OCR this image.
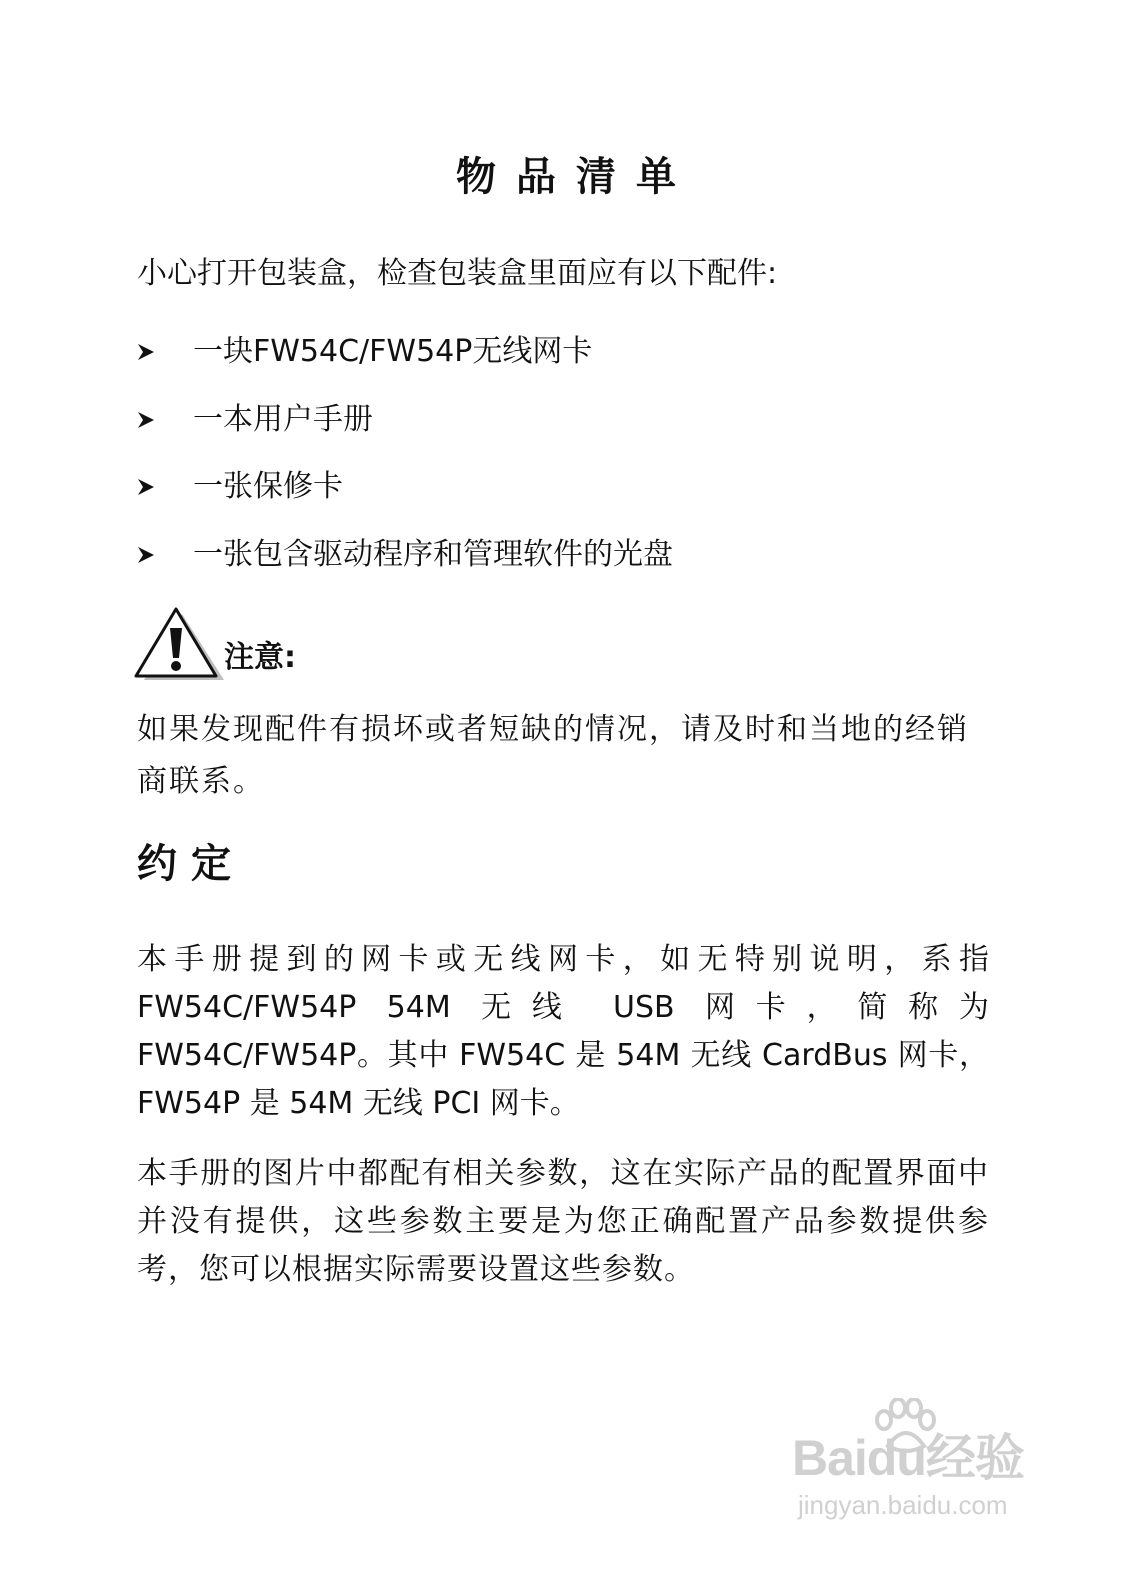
物品清单
小心打开包装盒，检查包装盒里面应有以下配件:
一块FW54C/FW54P无线网卡
一本用户手册
一张保修卡
一张包含驱动程序和管理软件的光盘
注意:
如果发现配件有损坏或者短缺的情况，请及时和当地的经销商联系。
约定
本手册提到的网卡或无线网卡，如无特别说明，系指FW54C/FW54P 54M 无线 USB 网卡，简称为 FW54C/FW54P。其中 FW54C 是 54M 无线 CardBus 网卡，FW54P 是 54M 无线 PCI 网卡。
本手册的图片中都配有相关参数，这在实际产品的配置界面中并没有提供，这些参数主要是为您正确配置产品参数提供参考，您可以根据实际需要设置这些参数。
Baidu经验
jingyan.baidu.com
